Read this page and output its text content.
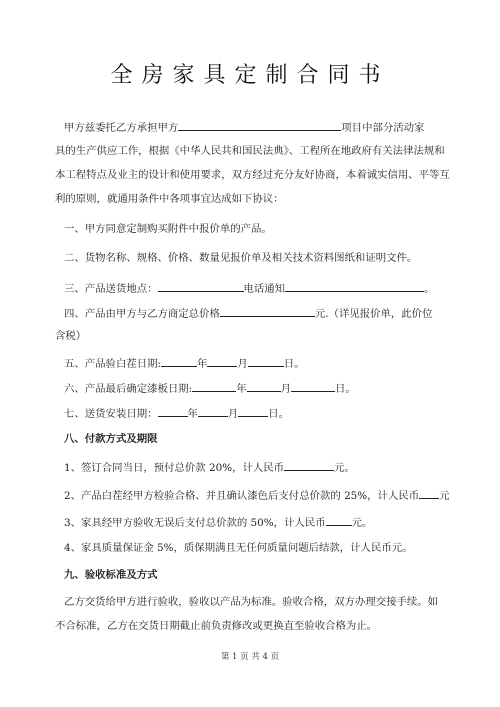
全房家具定制合同书
甲方兹委托乙方承担甲方	项目中部分活动家
具的生产供应工作，根据《中华人民共和国民法典》、工程所在地政府有关法律法规和
本工程特点及业主的设计和使用要求，双方经过充分友好协商，本着诚实信用、平等互
利的原则，就通用条件中各项事宜达成如下协议：
一、甲方同意定制购买附件中报价单的产品。
二、货物名称、规格、价格、数量见报价单及相关技术资料图纸和证明文件。
三、产品送货地点：	电话通知	。
四、产品由甲方与乙方商定总价格	元.（详见报价单，此价位
含税）
五、产品验白茬日期:	年	月	日。
六、产品最后确定漆板日期:	年	月	日。
七、送货安装日期：	年	月	日。
八、付款方式及期限
1、签订合同当日，预付总价款 20%，计人民币	元。
2、产品白茬经甲方检验合格、并且确认漆色后支付总价款的 25%，计人民币 元
3、家具经甲方验收无误后支付总价款的 50%，计人民币	元。
4、家具质量保证金 5%，质保期满且无任何质量问题后结款，计人民币元。
九、验收标准及方式
乙方交货给甲方进行验收，验收以产品为标准。验收合格，双方办理交接手续。如
不合标准，乙方在交货日期截止前负责修改或更换直至验收合格为止。
第 1 页 共 4 页
